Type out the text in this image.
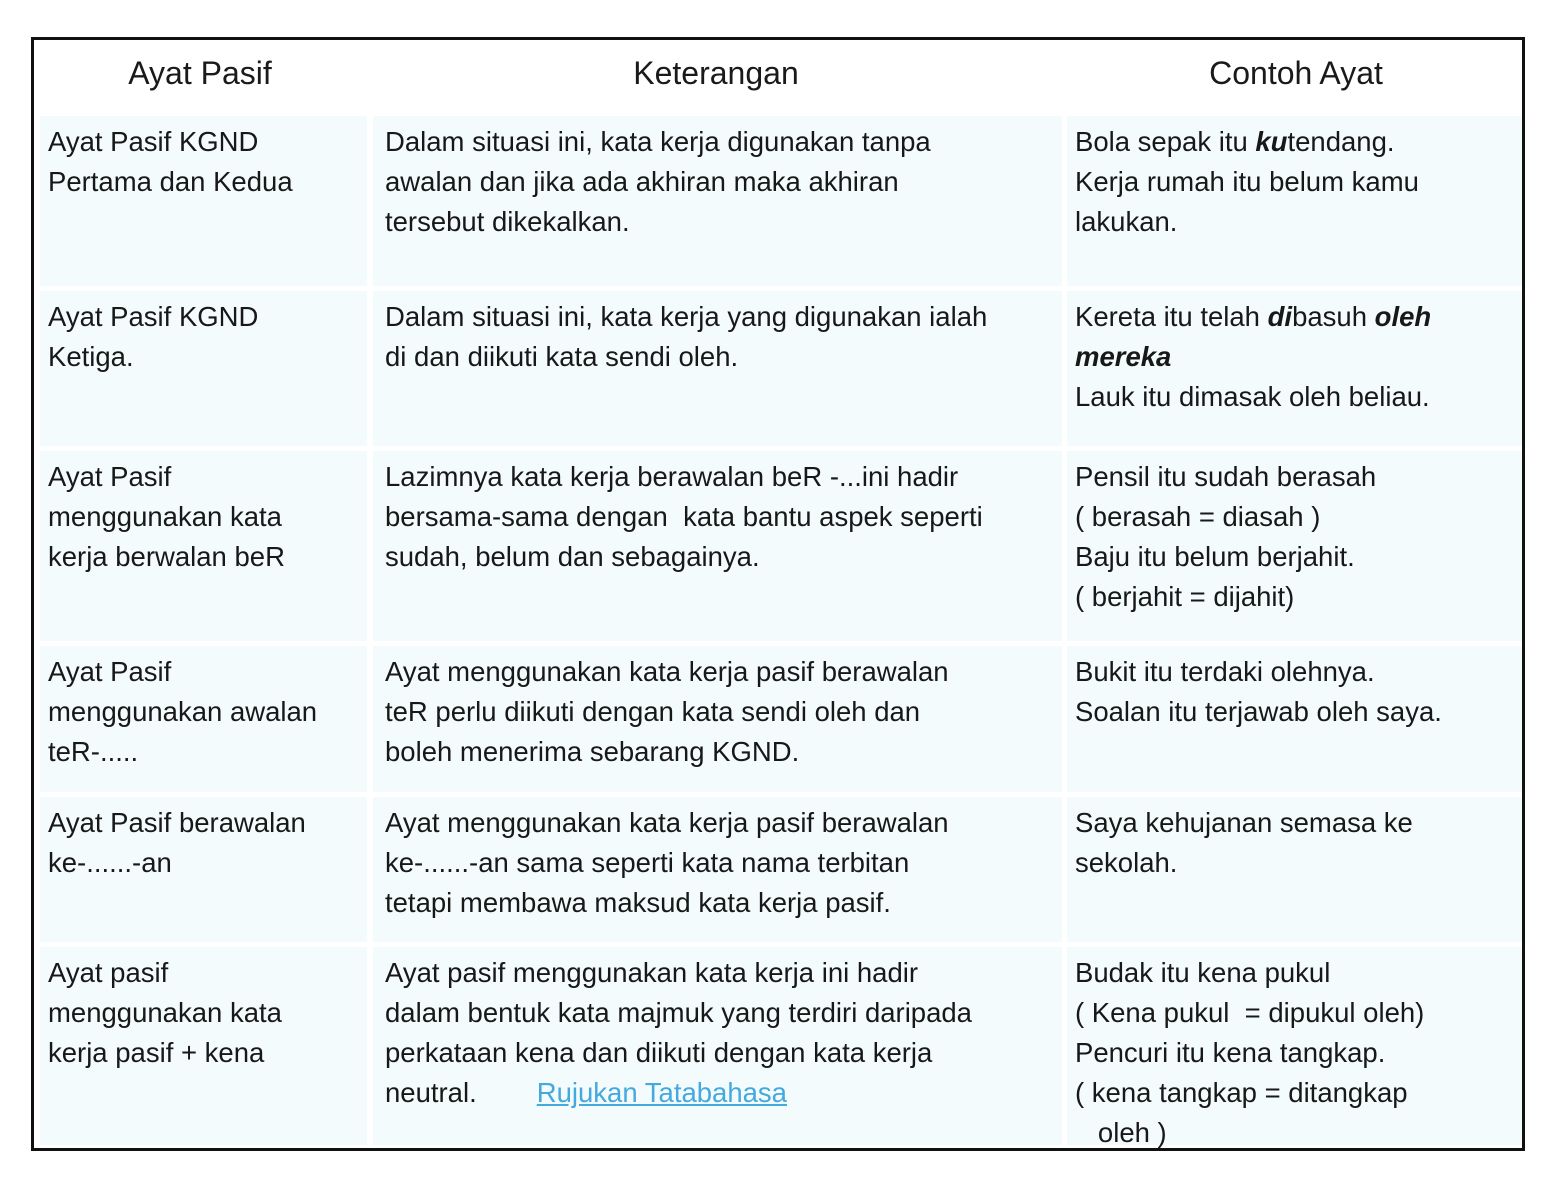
Ayat Pasif	Keterangan	Contoh Ayat
Ayat Pasif KGND
Pertama dan Kedua
Dalam situasi ini, kata kerja digunakan tanpa
awalan dan jika ada akhiran maka akhiran
tersebut dikekalkan.
Bola sepak itu kutendang.
Kerja rumah itu belum kamu
lakukan.
Ayat Pasif KGND
Ketiga.
Dalam situasi ini, kata kerja yang digunakan ialah
di dan diikuti kata sendi oleh.
Kereta itu telah dibasuh oleh
mereka
Lauk itu dimasak oleh beliau.
Ayat Pasif
menggunakan kata
kerja berwalan beR
Lazimnya kata kerja berawalan beR -...ini hadir
bersama-sama dengan  kata bantu aspek seperti
sudah, belum dan sebagainya.
Pensil itu sudah berasah
( berasah = diasah )
Baju itu belum berjahit.
( berjahit = dijahit)
Ayat Pasif
menggunakan awalan
teR-.....
Ayat menggunakan kata kerja pasif berawalan
teR perlu diikuti dengan kata sendi oleh dan
boleh menerima sebarang KGND.
Bukit itu terdaki olehnya.
Soalan itu terjawab oleh saya.
Ayat Pasif berawalan
ke-......-an
Ayat menggunakan kata kerja pasif berawalan
ke-......-an sama seperti kata nama terbitan
tetapi membawa maksud kata kerja pasif.
Saya kehujanan semasa ke
sekolah.
Ayat pasif
menggunakan kata
kerja pasif + kena
Ayat pasif menggunakan kata kerja ini hadir
dalam bentuk kata majmuk yang terdiri daripada
perkataan kena dan diikuti dengan kata kerja
neutral. Rujukan Tatabahasa
Budak itu kena pukul
( Kena pukul  = dipukul oleh)
Pencuri itu kena tangkap.
( kena tangkap = ditangkap
oleh )
